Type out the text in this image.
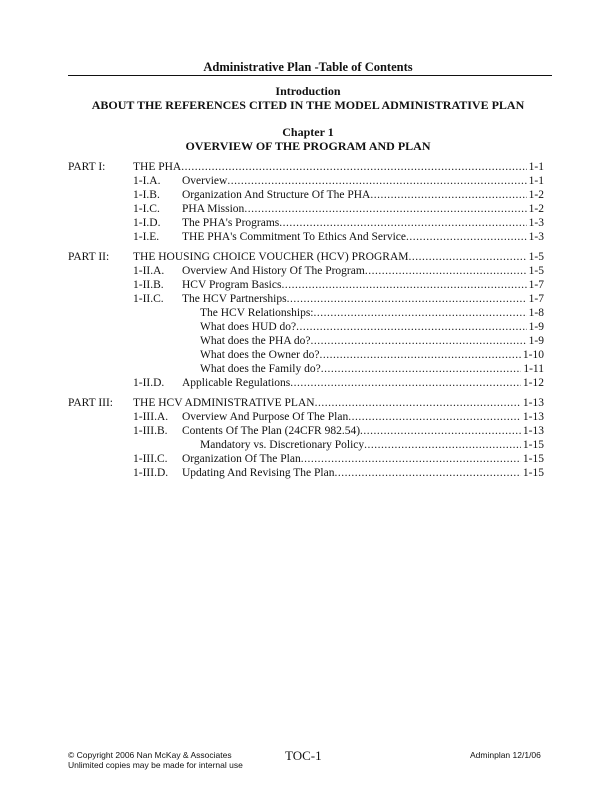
Administrative Plan -Table of Contents
Introduction
ABOUT THE REFERENCES CITED IN THE MODEL ADMINISTRATIVE PLAN
Chapter 1
OVERVIEW OF THE PROGRAM AND PLAN
PART I: THE PHA .....	1-1
1-I.A. Overview .....	1-1
1-I.B. Organization And Structure Of The PHA .....	1-2
1-I.C. PHA Mission .....	1-2
1-I.D. The PHA's Programs .....	1-3
1-I.E. THE PHA's Commitment To Ethics And Service .....	1-3
PART II: THE HOUSING CHOICE VOUCHER (HCV) PROGRAM .....	1-5
1-II.A. Overview And History Of The Program .....	1-5
1-II.B. HCV Program Basics .....	1-7
1-II.C. The HCV Partnerships .....	1-7
The HCV Relationships: .....	1-8
What does HUD do? .....	1-9
What does the PHA do? .....	1-9
What does the Owner do? .....	1-10
What does the Family do? .....	1-11
1-II.D. Applicable Regulations .....	1-12
PART III: THE HCV ADMINISTRATIVE PLAN .....	1-13
1-III.A. Overview And Purpose Of The Plan .....	1-13
1-III.B. Contents Of The Plan (24CFR 982.54) .....	1-13
Mandatory vs. Discretionary Policy .....	1-15
1-III.C. Organization Of The Plan .....	1-15
1-III.D. Updating And Revising The Plan .....	1-15
© Copyright 2006 Nan McKay & Associates
Unlimited copies may be made for internal use
TOC-1	Adminplan 12/1/06
